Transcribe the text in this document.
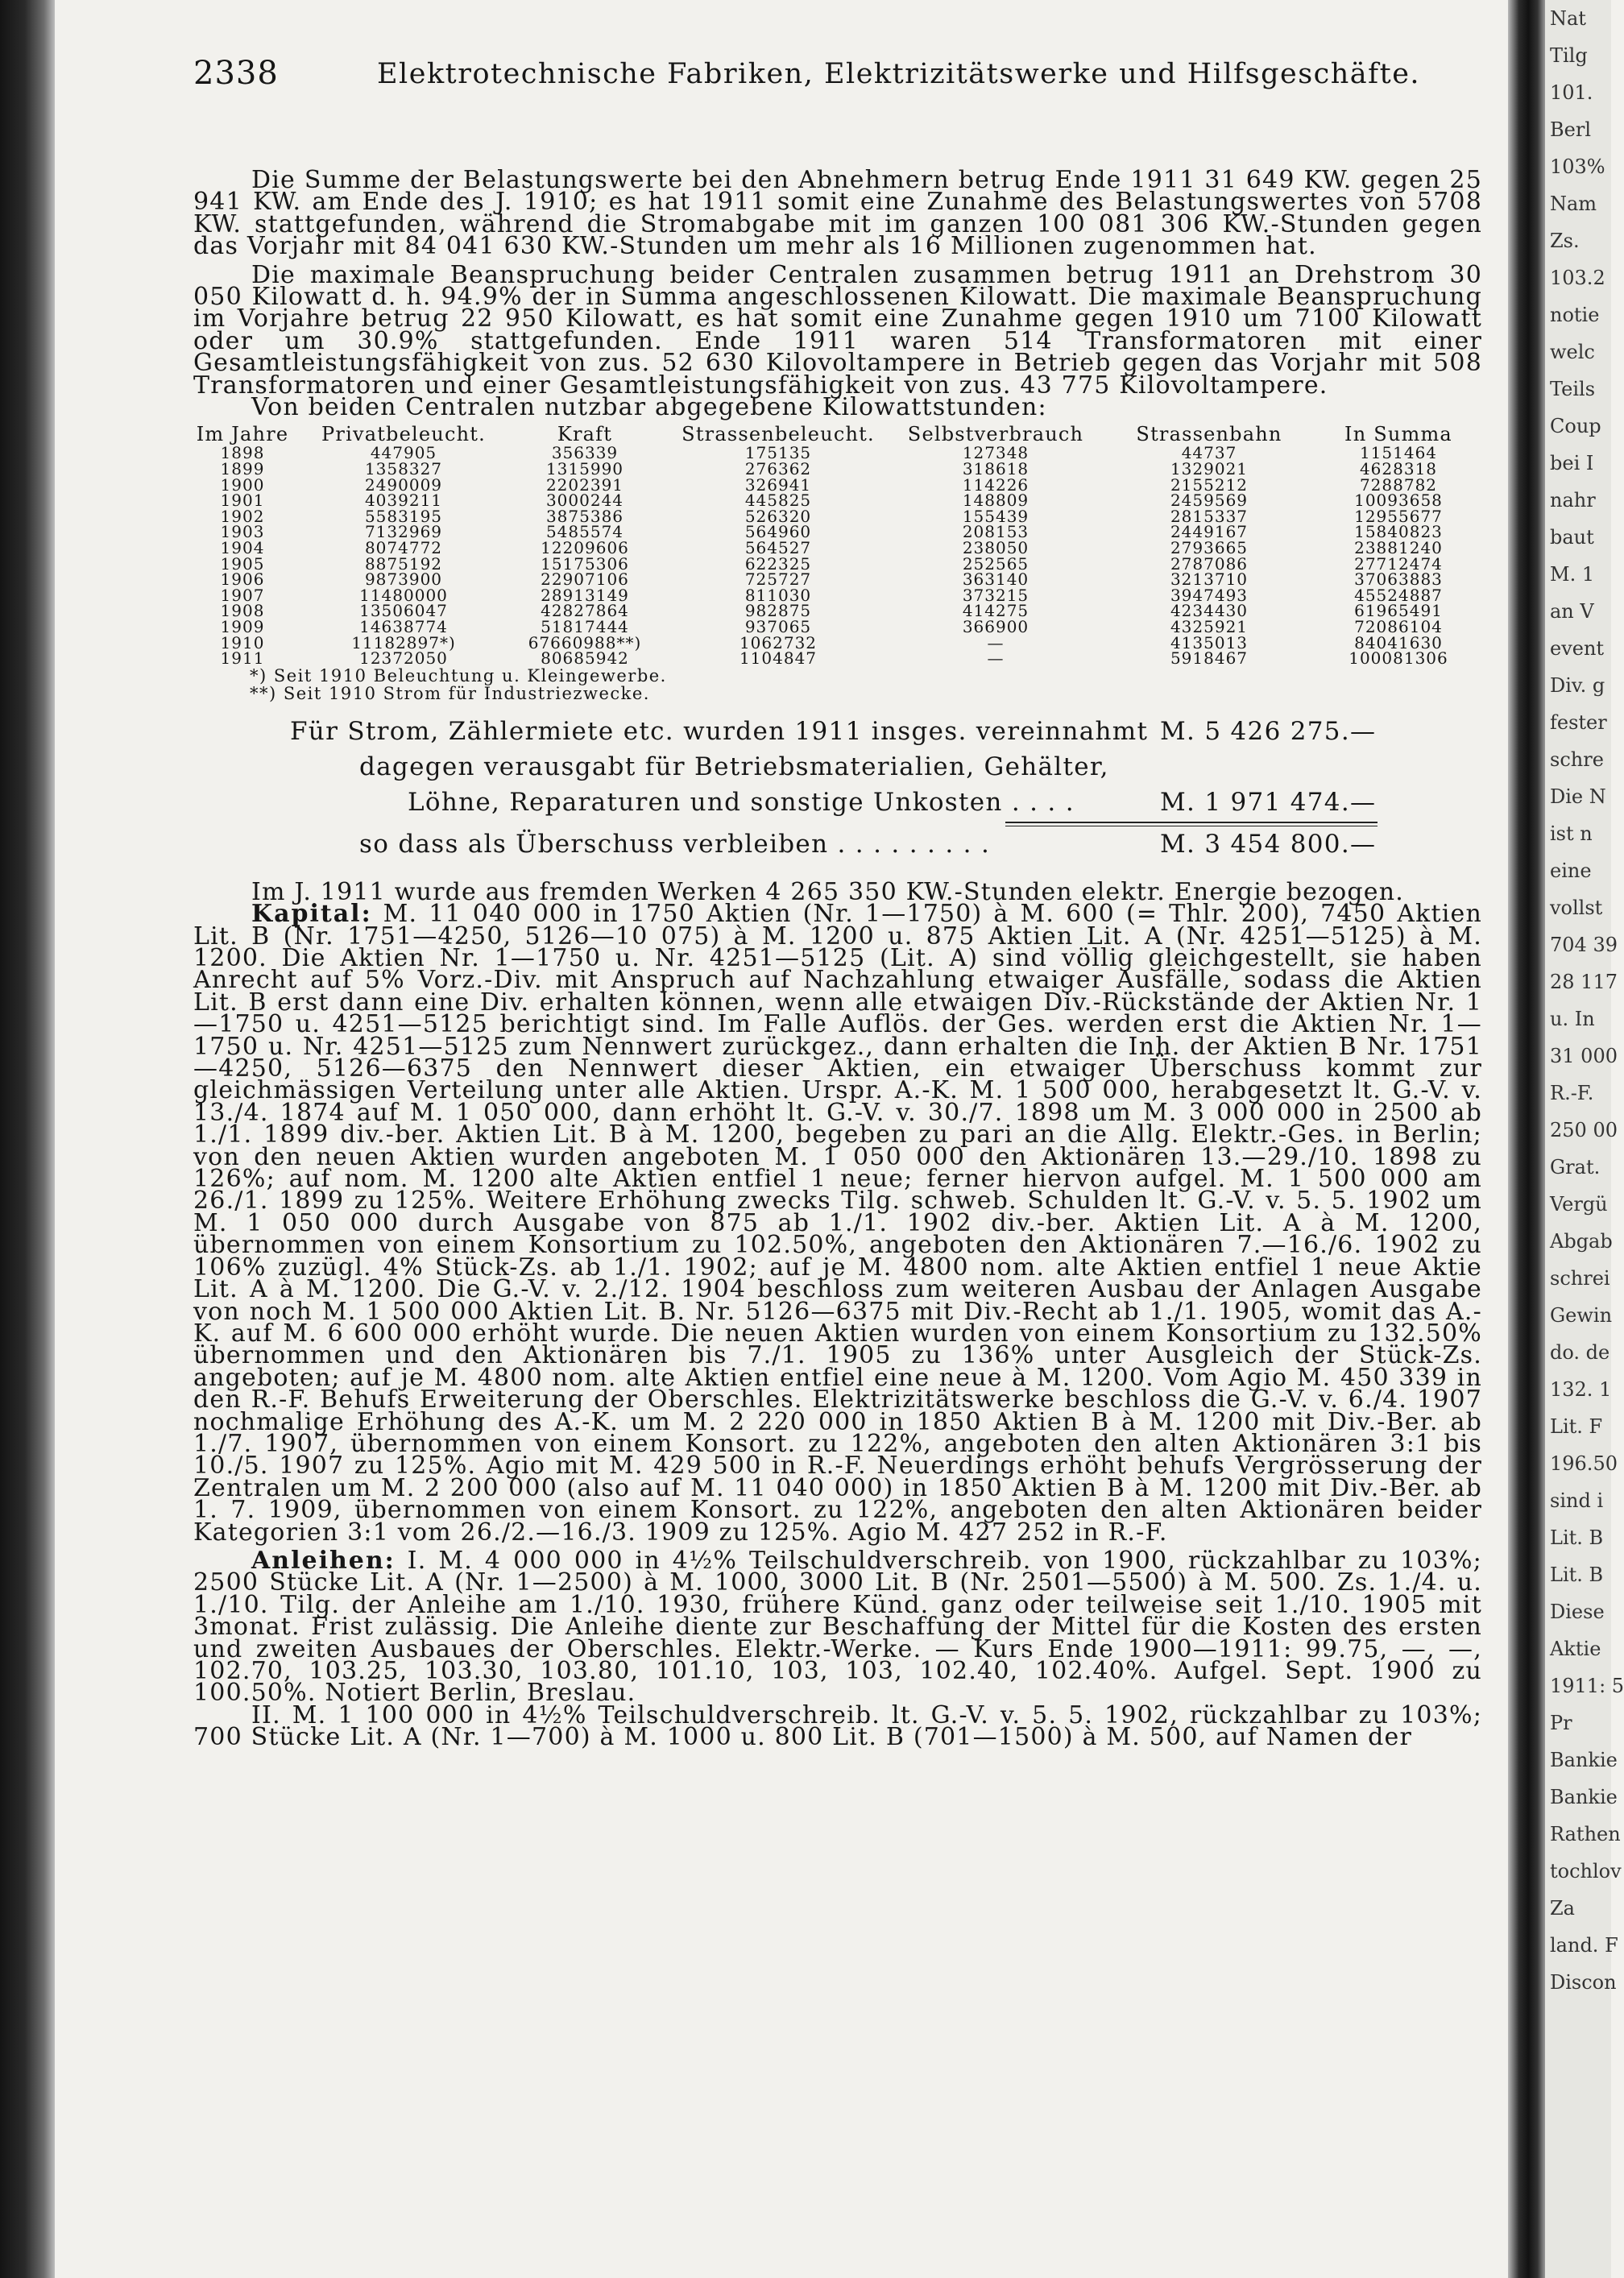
Nat
Tilg
101.
Berl
103%
Nam
Zs.
103.2
notie
welc
Teils
Coup
bei I
nahr
baut
M. 1
an V
event
Div. g
fester
schre
Die N
ist n
eine
vollst
704 39
28 117
u. In
31 000
R.-F.
250 00
Grat.
Vergü
Abgab
schrei
Gewin
do. de
132. 1
Lit. F
196.50
sind i
Lit. B
Lit. B
Diese
Aktie
1911: 5
Pr
Bankie
Bankie
Rathen
tochlov
Za
land. F
Discon
2338	Elektrotechnische Fabriken, Elektrizitätswerke und Hilfsgeschäfte.

Die Summe der Belastungswerte bei den Abnehmern betrug Ende 1911 31 649 KW. gegen 25 941 KW. am Ende des J. 1910; es hat 1911 somit eine Zunahme des Belastungswertes von 5708 KW. stattgefunden, während die Stromabgabe mit im ganzen 100 081 306 KW.-Stunden gegen das Vorjahr mit 84 041 630 KW.-Stunden um mehr als 16 Millionen zugenommen hat.

Die maximale Beanspruchung beider Centralen zusammen betrug 1911 an Drehstrom 30 050 Kilowatt d. h. 94.9% der in Summa angeschlossenen Kilowatt. Die maximale Beanspruchung im Vorjahre betrug 22 950 Kilowatt, es hat somit eine Zunahme gegen 1910 um 7100 Kilowatt oder um 30.9% stattgefunden. Ende 1911 waren 514 Transformatoren mit einer Gesamtleistungsfähigkeit von zus. 52 630 Kilovoltampere in Betrieb gegen das Vorjahr mit 508 Transformatoren und einer Gesamtleistungsfähigkeit von zus. 43 775 Kilovoltampere.

Von beiden Centralen nutzbar abgegebene Kilowattstunden:

Im Jahre	Privatbeleucht.	Kraft	Strassenbeleucht.	Selbstverbrauch	Strassenbahn	In Summa
1898	447905	356339	175135	127348	44737	1151464
1899	1358327	1315990	276362	318618	1329021	4628318
1900	2490009	2202391	326941	114226	2155212	7288782
1901	4039211	3000244	445825	148809	2459569	10093658
1902	5583195	3875386	526320	155439	2815337	12955677
1903	7132969	5485574	564960	208153	2449167	15840823
1904	8074772	12209606	564527	238050	2793665	23881240
1905	8875192	15175306	622325	252565	2787086	27712474
1906	9873900	22907106	725727	363140	3213710	37063883
1907	11480000	28913149	811030	373215	3947493	45524887
1908	13506047	42827864	982875	414275	4234430	61965491
1909	14638774	51817444	937065	366900	4325921	72086104
1910	11182897*)	67660988**)	1062732	—	4135013	84041630
1911	12372050	80685942	1104847	—	5918467	100081306
*) Seit 1910 Beleuchtung u. Kleingewerbe.
**) Seit 1910 Strom für Industriezwecke.
Für Strom, Zählermiete etc. wurden 1911 insges. vereinnahmt M. 5 426 275.—
dagegen verausgabt für Betriebsmaterialien, Gehälter,
Löhne, Reparaturen und sonstige Unkosten . . . .	M. 1 971 474.—
so dass als Überschuss verbleiben . . . . . . . . .	M. 3 454 800.—

Im J. 1911 wurde aus fremden Werken 4 265 350 KW.-Stunden elektr. Energie bezogen.

Kapital: M. 11 040 000 in 1750 Aktien (Nr. 1—1750) à M. 600 (= Thlr. 200), 7450 Aktien Lit. B (Nr. 1751—4250, 5126—10 075) à M. 1200 u. 875 Aktien Lit. A (Nr. 4251—5125) à M. 1200. Die Aktien Nr. 1—1750 u. Nr. 4251—5125 (Lit. A) sind völlig gleichgestellt, sie haben Anrecht auf 5% Vorz.-Div. mit Anspruch auf Nachzahlung etwaiger Ausfälle, sodass die Aktien Lit. B erst dann eine Div. erhalten können, wenn alle etwaigen Div.-Rückstände der Aktien Nr. 1—1750 u. 4251—5125 berichtigt sind. Im Falle Auflös. der Ges. werden erst die Aktien Nr. 1—1750 u. Nr. 4251—5125 zum Nennwert zurückgez., dann erhalten die Inh. der Aktien B Nr. 1751—4250, 5126—6375 den Nennwert dieser Aktien, ein etwaiger Überschuss kommt zur gleichmässigen Verteilung unter alle Aktien. Urspr. A.-K. M. 1 500 000, herabgesetzt lt. G.-V. v. 13./4. 1874 auf M. 1 050 000, dann erhöht lt. G.-V. v. 30./7. 1898 um M. 3 000 000 in 2500 ab 1./1. 1899 div.-ber. Aktien Lit. B à M. 1200, begeben zu pari an die Allg. Elektr.-Ges. in Berlin; von den neuen Aktien wurden angeboten M. 1 050 000 den Aktionären 13.—29./10. 1898 zu 126%; auf nom. M. 1200 alte Aktien entfiel 1 neue; ferner hiervon aufgel. M. 1 500 000 am 26./1. 1899 zu 125%. Weitere Erhöhung zwecks Tilg. schweb. Schulden lt. G.-V. v. 5. 5. 1902 um M. 1 050 000 durch Ausgabe von 875 ab 1./1. 1902 div.-ber. Aktien Lit. A à M. 1200, übernommen von einem Konsortium zu 102.50%, angeboten den Aktionären 7.—16./6. 1902 zu 106% zuzügl. 4% Stück-Zs. ab 1./1. 1902; auf je M. 4800 nom. alte Aktien entfiel 1 neue Aktie Lit. A à M. 1200. Die G.-V. v. 2./12. 1904 beschloss zum weiteren Ausbau der Anlagen Ausgabe von noch M. 1 500 000 Aktien Lit. B. Nr. 5126—6375 mit Div.-Recht ab 1./1. 1905, womit das A.-K. auf M. 6 600 000 erhöht wurde. Die neuen Aktien wurden von einem Konsortium zu 132.50% übernommen und den Aktionären bis 7./1. 1905 zu 136% unter Ausgleich der Stück-Zs. angeboten; auf je M. 4800 nom. alte Aktien entfiel eine neue à M. 1200. Vom Agio M. 450 339 in den R.-F. Behufs Erweiterung der Oberschles. Elektrizitätswerke beschloss die G.-V. v. 6./4. 1907 nochmalige Erhöhung des A.-K. um M. 2 220 000 in 1850 Aktien B à M. 1200 mit Div.-Ber. ab 1./7. 1907, übernommen von einem Konsort. zu 122%, angeboten den alten Aktionären 3:1 bis 10./5. 1907 zu 125%. Agio mit M. 429 500 in R.-F. Neuerdings erhöht behufs Vergrösserung der Zentralen um M. 2 200 000 (also auf M. 11 040 000) in 1850 Aktien B à M. 1200 mit Div.-Ber. ab 1. 7. 1909, übernommen von einem Konsort. zu 122%, angeboten den alten Aktionären beider Kategorien 3:1 vom 26./2.—16./3. 1909 zu 125%. Agio M. 427 252 in R.-F.

Anleihen: I. M. 4 000 000 in 4½% Teilschuldverschreib. von 1900, rückzahlbar zu 103%; 2500 Stücke Lit. A (Nr. 1—2500) à M. 1000, 3000 Lit. B (Nr. 2501—5500) à M. 500. Zs. 1./4. u. 1./10. Tilg. der Anleihe am 1./10. 1930, frühere Künd. ganz oder teilweise seit 1./10. 1905 mit 3monat. Frist zulässig. Die Anleihe diente zur Beschaffung der Mittel für die Kosten des ersten und zweiten Ausbaues der Oberschles. Elektr.-Werke. — Kurs Ende 1900—1911: 99.75, —, —, 102.70, 103.25, 103.30, 103.80, 101.10, 103, 103, 102.40, 102.40%. Aufgel. Sept. 1900 zu 100.50%. Notiert Berlin, Breslau.

II. M. 1 100 000 in 4½% Teilschuldverschreib. lt. G.-V. v. 5. 5. 1902, rückzahlbar zu 103%; 700 Stücke Lit. A (Nr. 1—700) à M. 1000 u. 800 Lit. B (701—1500) à M. 500, auf Namen der
